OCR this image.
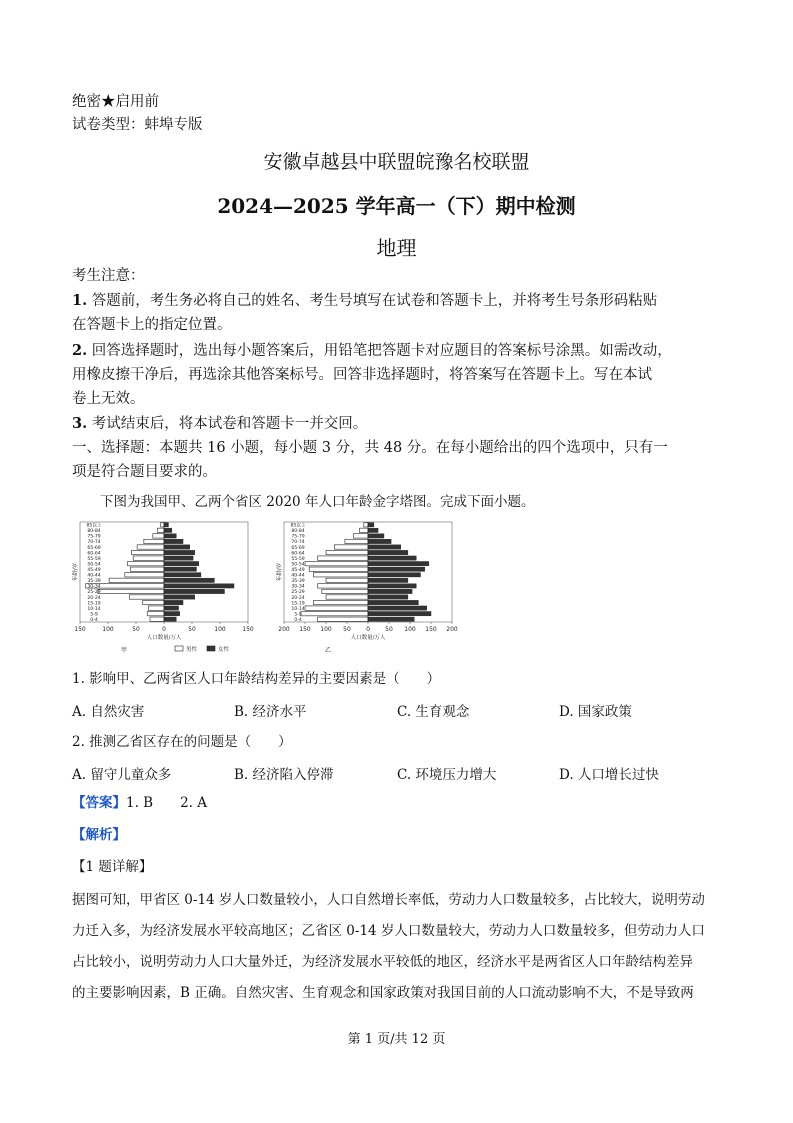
绝密★启用前
试卷类型：蚌埠专版
安徽卓越县中联盟皖豫名校联盟
2024—2025 学年高一（下）期中检测
地理
考生注意：
1. 答题前，考生务必将自己的姓名、考生号填写在试卷和答题卡上，并将考生号条形码粘贴
在答题卡上的指定位置。
2. 回答选择题时，选出每小题答案后，用铅笔把答题卡对应题目的答案标号涂黑。如需改动，
用橡皮擦干净后，再选涂其他答案标号。回答非选择题时，将答案写在答题卡上。写在本试
卷上无效。
3. 考试结束后，将本试卷和答题卡一并交回。
一、选择题：本题共 16 小题，每小题 3 分，共 48 分。在每小题给出的四个选项中，只有一
项是符合题目要求的。
下图为我国甲、乙两个省区 2020 年人口年龄金字塔图。完成下面小题。
0-4
5-9
10-14
15-19
20-24
25-29
30-34
35-39
40-44
45-49
50-54
55-59
60-64
65-69
70-74
75-79
80-84
85以上
150	100	50	0	50	100	150
年龄/岁
人口数量/万人
甲
0-4
5-9
10-14
15-19
20-24
25-29
30-34
35-39
40-44
45-49
50-54
55-59
60-64
65-69
70-74
75-79
80-84
85以上
200 150 100 50	0	50 100 150 200
年龄/岁
人口数量/万人
乙
男性	女性
1. 影响甲、乙两省区人口年龄结构差异的主要因素是（　　）
A. 自然灾害	B. 经济水平	C. 生育观念	D. 国家政策
2. 推测乙省区存在的问题是（　　）
A. 留守儿童众多	B. 经济陷入停滞	C. 环境压力增大	D. 人口增长过快
【答案】1. B　　2. A
【解析】
【1 题详解】
据图可知，甲省区 0-14 岁人口数量较小，人口自然增长率低，劳动力人口数量较多，占比较大，说明劳动
力迁入多，为经济发展水平较高地区；乙省区 0-14 岁人口数量较大，劳动力人口数量较多，但劳动力人口
占比较小，说明劳动力人口大量外迁，为经济发展水平较低的地区，经济水平是两省区人口年龄结构差异
的主要影响因素，B 正确。自然灾害、生育观念和国家政策对我国目前的人口流动影响不大，不是导致两
第 1 页/共 12 页
